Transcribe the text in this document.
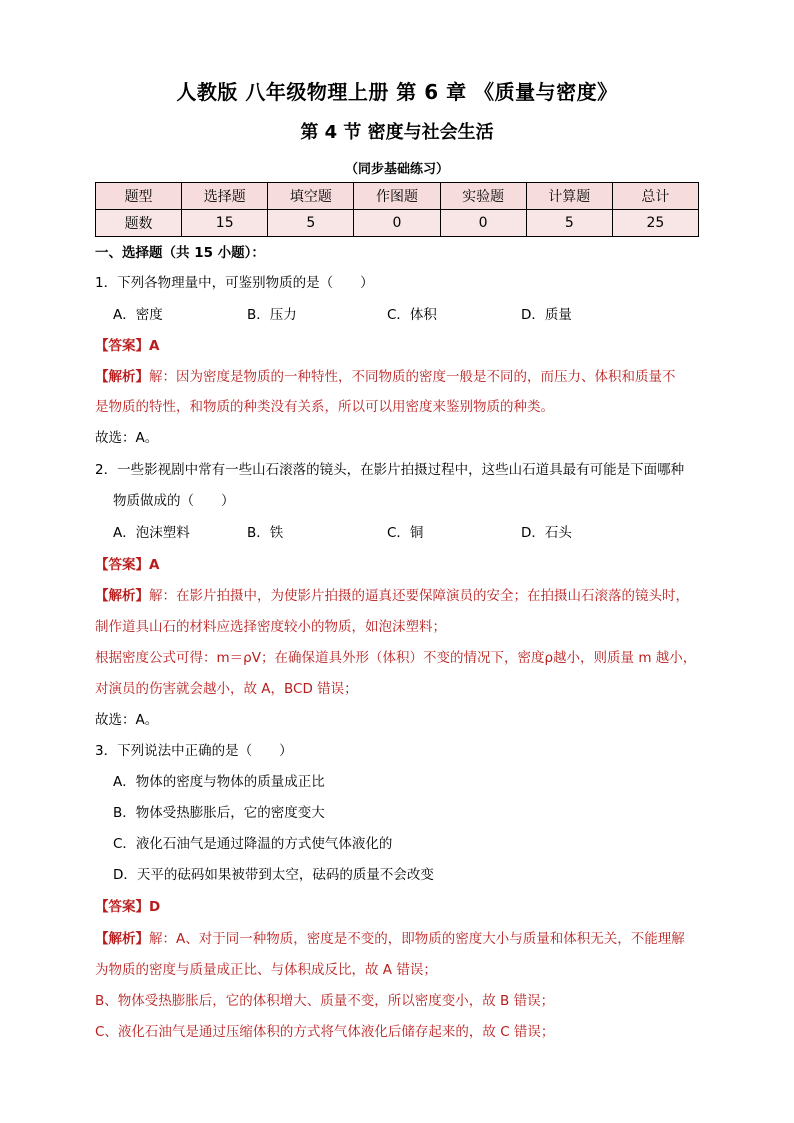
人教版 八年级物理上册 第 6 章 《质量与密度》
第 4 节 密度与社会生活
（同步基础练习）
题型	选择题	填空题	作图题	实验题	计算题	总计
题数	15	5	0	0	5	25
一、选择题（共 15 小题）：
1．下列各物理量中，可鉴别物质的是（　　）
A．密度	B．压力	C．体积	D．质量
【答案】A
【解析】解：因为密度是物质的一种特性，不同物质的密度一般是不同的，而压力、体积和质量不
是物质的特性，和物质的种类没有关系，所以可以用密度来鉴别物质的种类。
故选：A。
2．一些影视剧中常有一些山石滚落的镜头，在影片拍摄过程中，这些山石道具最有可能是下面哪种
物质做成的（　　）
A．泡沫塑料	B．铁	C．铜	D．石头
【答案】A
【解析】解：在影片拍摄中，为使影片拍摄的逼真还要保障演员的安全；在拍摄山石滚落的镜头时，
制作道具山石的材料应选择密度较小的物质，如泡沫塑料；
根据密度公式可得：m＝ρV；在确保道具外形（体积）不变的情况下，密度ρ越小，则质量 m 越小，
对演员的伤害就会越小，故 A，BCD 错误；
故选：A。
3．下列说法中正确的是（　　）
A．物体的密度与物体的质量成正比
B．物体受热膨胀后，它的密度变大
C．液化石油气是通过降温的方式使气体液化的
D．天平的砝码如果被带到太空，砝码的质量不会改变
【答案】D
【解析】解：A、对于同一种物质，密度是不变的，即物质的密度大小与质量和体积无关，不能理解
为物质的密度与质量成正比、与体积成反比，故 A 错误；
B、物体受热膨胀后，它的体积增大、质量不变，所以密度变小，故 B 错误；
C、液化石油气是通过压缩体积的方式将气体液化后储存起来的，故 C 错误；
